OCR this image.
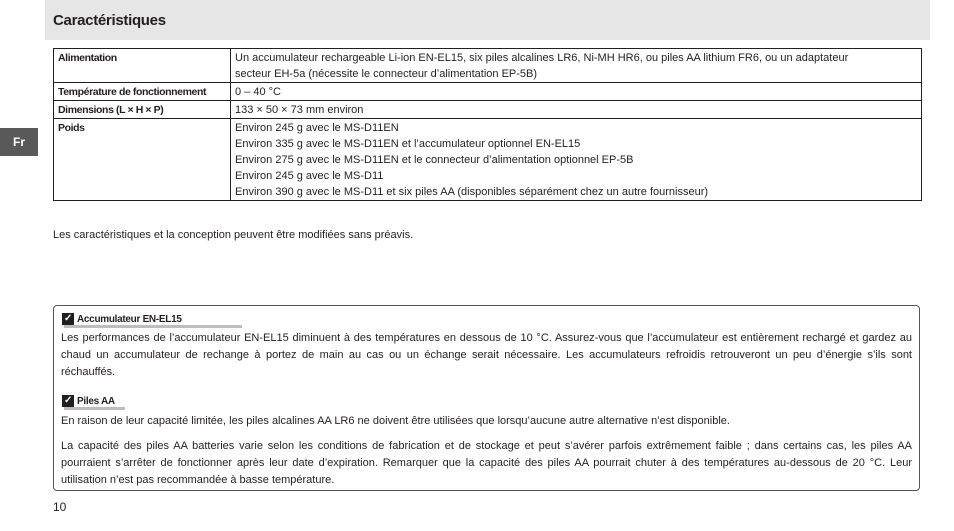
Caractéristiques
Fr
Alimentation	Un accumulateur rechargeable Li-ion EN-EL15, six piles alcalines LR6, Ni-MH HR6, ou piles AA lithium FR6, ou un adaptateur
secteur EH-5a (nécessite le connecteur d’alimentation EP-5B)

Température de fonctionnement	0 – 40 °C

Dimensions (L × H × P)	133 × 50 × 73 mm environ

Poids	Environ 245 g avec le MS-D11EN
Environ 335 g avec le MS-D11EN et l’accumulateur optionnel EN-EL15
Environ 275 g avec le MS-D11EN et le connecteur d’alimentation optionnel EP-5B
Environ 245 g avec le MS-D11
Environ 390 g avec le MS-D11 et six piles AA (disponibles séparément chez un autre fournisseur)

Les caractéristiques et la conception peuvent être modifiées sans préavis.

✓ Accumulateur EN-EL15

Les performances de l’accumulateur EN-EL15 diminuent à des températures en dessous de 10 °C. Assurez-vous que l’accumulateur est entièrement rechargé et gardez au chaud un accumulateur de rechange à portez de main au cas ou un échange serait nécessaire. Les accumulateurs refroidis retrouveront un peu d’énergie s’ils sont réchauffés.

✓ Piles AA

En raison de leur capacité limitée, les piles alcalines AA LR6 ne doivent être utilisées que lorsqu’aucune autre alternative n’est disponible.

La capacité des piles AA batteries varie selon les conditions de fabrication et de stockage et peut s’avérer parfois extrêmement faible ; dans certains cas, les piles AA pourraient s’arrêter de fonctionner après leur date d’expiration. Remarquer que la capacité des piles AA pourrait chuter à des températures au-dessous de 20 °C. Leur utilisation n’est pas recommandée à basse température.

10
